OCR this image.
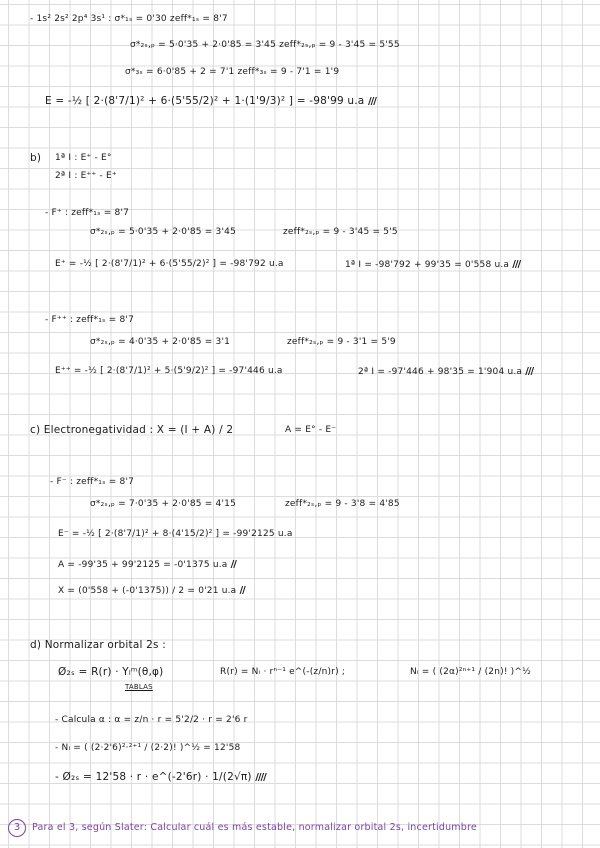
- 1s² 2s² 2p⁴ 3s¹ : σ*₁ₛ = 0'30 zeff*₁ₛ = 8'7
σ*₂ₛ,ₚ = 5·0'35 + 2·0'85 = 3'45 zeff*₂ₛ,ₚ = 9 - 3'45 = 5'55
σ*₃ₛ = 6·0'85 + 2 = 7'1 zeff*₃ₛ = 9 - 7'1 = 1'9
E = -½ [ 2·(8'7/1)² + 6·(5'55/2)² + 1·(1'9/3)² ] = -98'99 u.a ///
b) 1ª I : E⁺ - E°
2ª I : E⁺⁺ - E⁺
- F⁺ : zeff*₁ₛ = 8'7
σ*₂ₛ,ₚ = 5·0'35 + 2·0'85 = 3'45	zeff*₂ₛ,ₚ = 9 - 3'45 = 5'5
E⁺ = -½ [ 2·(8'7/1)² + 6·(5'55/2)² ] = -98'792 u.a	1ª I = -98'792 + 99'35 = 0'558 u.a ///
- F⁺⁺ : zeff*₁ₛ = 8'7
σ*₂ₛ,ₚ = 4·0'35 + 2·0'85 = 3'1	zeff*₂ₛ,ₚ = 9 - 3'1 = 5'9
E⁺⁺ = -½ [ 2·(8'7/1)² + 5·(5'9/2)² ] = -97'446 u.a	2ª I = -97'446 + 98'35 = 1'904 u.a ///
c) Electronegatividad : X = (I + A) / 2	A = E° - E⁻
- F⁻ : zeff*₁ₛ = 8'7
σ*₂ₛ,ₚ = 7·0'35 + 2·0'85 = 4'15	zeff*₂ₛ,ₚ = 9 - 3'8 = 4'85
E⁻ = -½ [ 2·(8'7/1)² + 8·(4'15/2)² ] = -99'2125 u.a
A = -99'35 + 99'2125 = -0'1375 u.a //
X = (0'558 + (-0'1375)) / 2 = 0'21 u.a //
d) Normalizar orbital 2s :
Ø₂ₛ = R(r) · Yₗᵐ(θ,φ)
TABLAS
R(r) = Nᵢ · rⁿ⁻¹ e^(-(z/n)r) ;	Nᵢ = ( (2α)²ⁿ⁺¹ / (2n)! )^½
- Calcula α : α = z/n · r = 5'2/2 · r = 2'6 r
- Nᵢ = ( (2·2'6)²·²⁺¹ / (2·2)! )^½ = 12'58
- Ø₂ₛ = 12'58 · r · e^(-2'6r) · 1/(2√π) ////
3	Para el 3, según Slater: Calcular cuál es más estable, normalizar orbital 2s, incertidumbre
